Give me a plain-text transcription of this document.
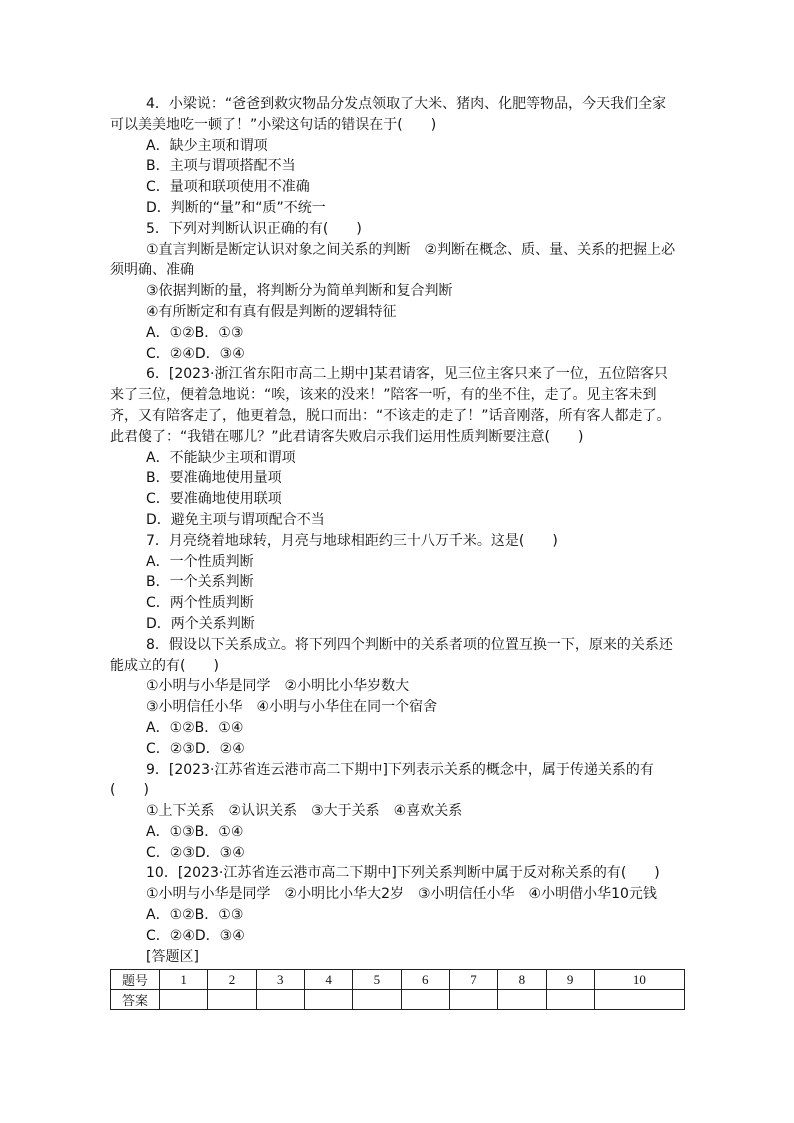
4．小梁说：“爸爸到救灾物品分发点领取了大米、猪肉、化肥等物品，今天我们全家
可以美美地吃一顿了！”小梁这句话的错误在于(　　)
A．缺少主项和谓项
B．主项与谓项搭配不当
C．量项和联项使用不准确
D．判断的“量”和“质”不统一
5．下列对判断认识正确的有(　　)
①直言判断是断定认识对象之间关系的判断　②判断在概念、质、量、关系的把握上必
须明确、准确
③依据判断的量，将判断分为简单判断和复合判断
④有所断定和有真有假是判断的逻辑特征
A．①②B．①③
C．②④D．③④
6．[2023·浙江省东阳市高二上期中]某君请客，见三位主客只来了一位，五位陪客只
来了三位，便着急地说：“唉，该来的没来！”陪客一听，有的坐不住，走了。见主客未到
齐，又有陪客走了，他更着急，脱口而出：“不该走的走了！”话音刚落，所有客人都走了。
此君傻了：“我错在哪儿？”此君请客失败启示我们运用性质判断要注意(　　)
A．不能缺少主项和谓项
B．要准确地使用量项
C．要准确地使用联项
D．避免主项与谓项配合不当
7．月亮绕着地球转，月亮与地球相距约三十八万千米。这是(　　)
A．一个性质判断
B．一个关系判断
C．两个性质判断
D．两个关系判断
8．假设以下关系成立。将下列四个判断中的关系者项的位置互换一下，原来的关系还
能成立的有(　　)
①小明与小华是同学　②小明比小华岁数大
③小明信任小华　④小明与小华住在同一个宿舍
A．①②B．①④
C．②③D．②④
9．[2023·江苏省连云港市高二下期中]下列表示关系的概念中，属于传递关系的有
(　　)
①上下关系　②认识关系　③大于关系　④喜欢关系
A．①③B．①④
C．②③D．③④
10．[2023·江苏省连云港市高二下期中]下列关系判断中属于反对称关系的有(　　)
①小明与小华是同学　②小明比小华大2岁　③小明信任小华　④小明借小华10元钱
A．①②B．①③
C．②④D．③④
[答题区]
题号	1	2	3	4	5	6	7	8	9	10
答案										
